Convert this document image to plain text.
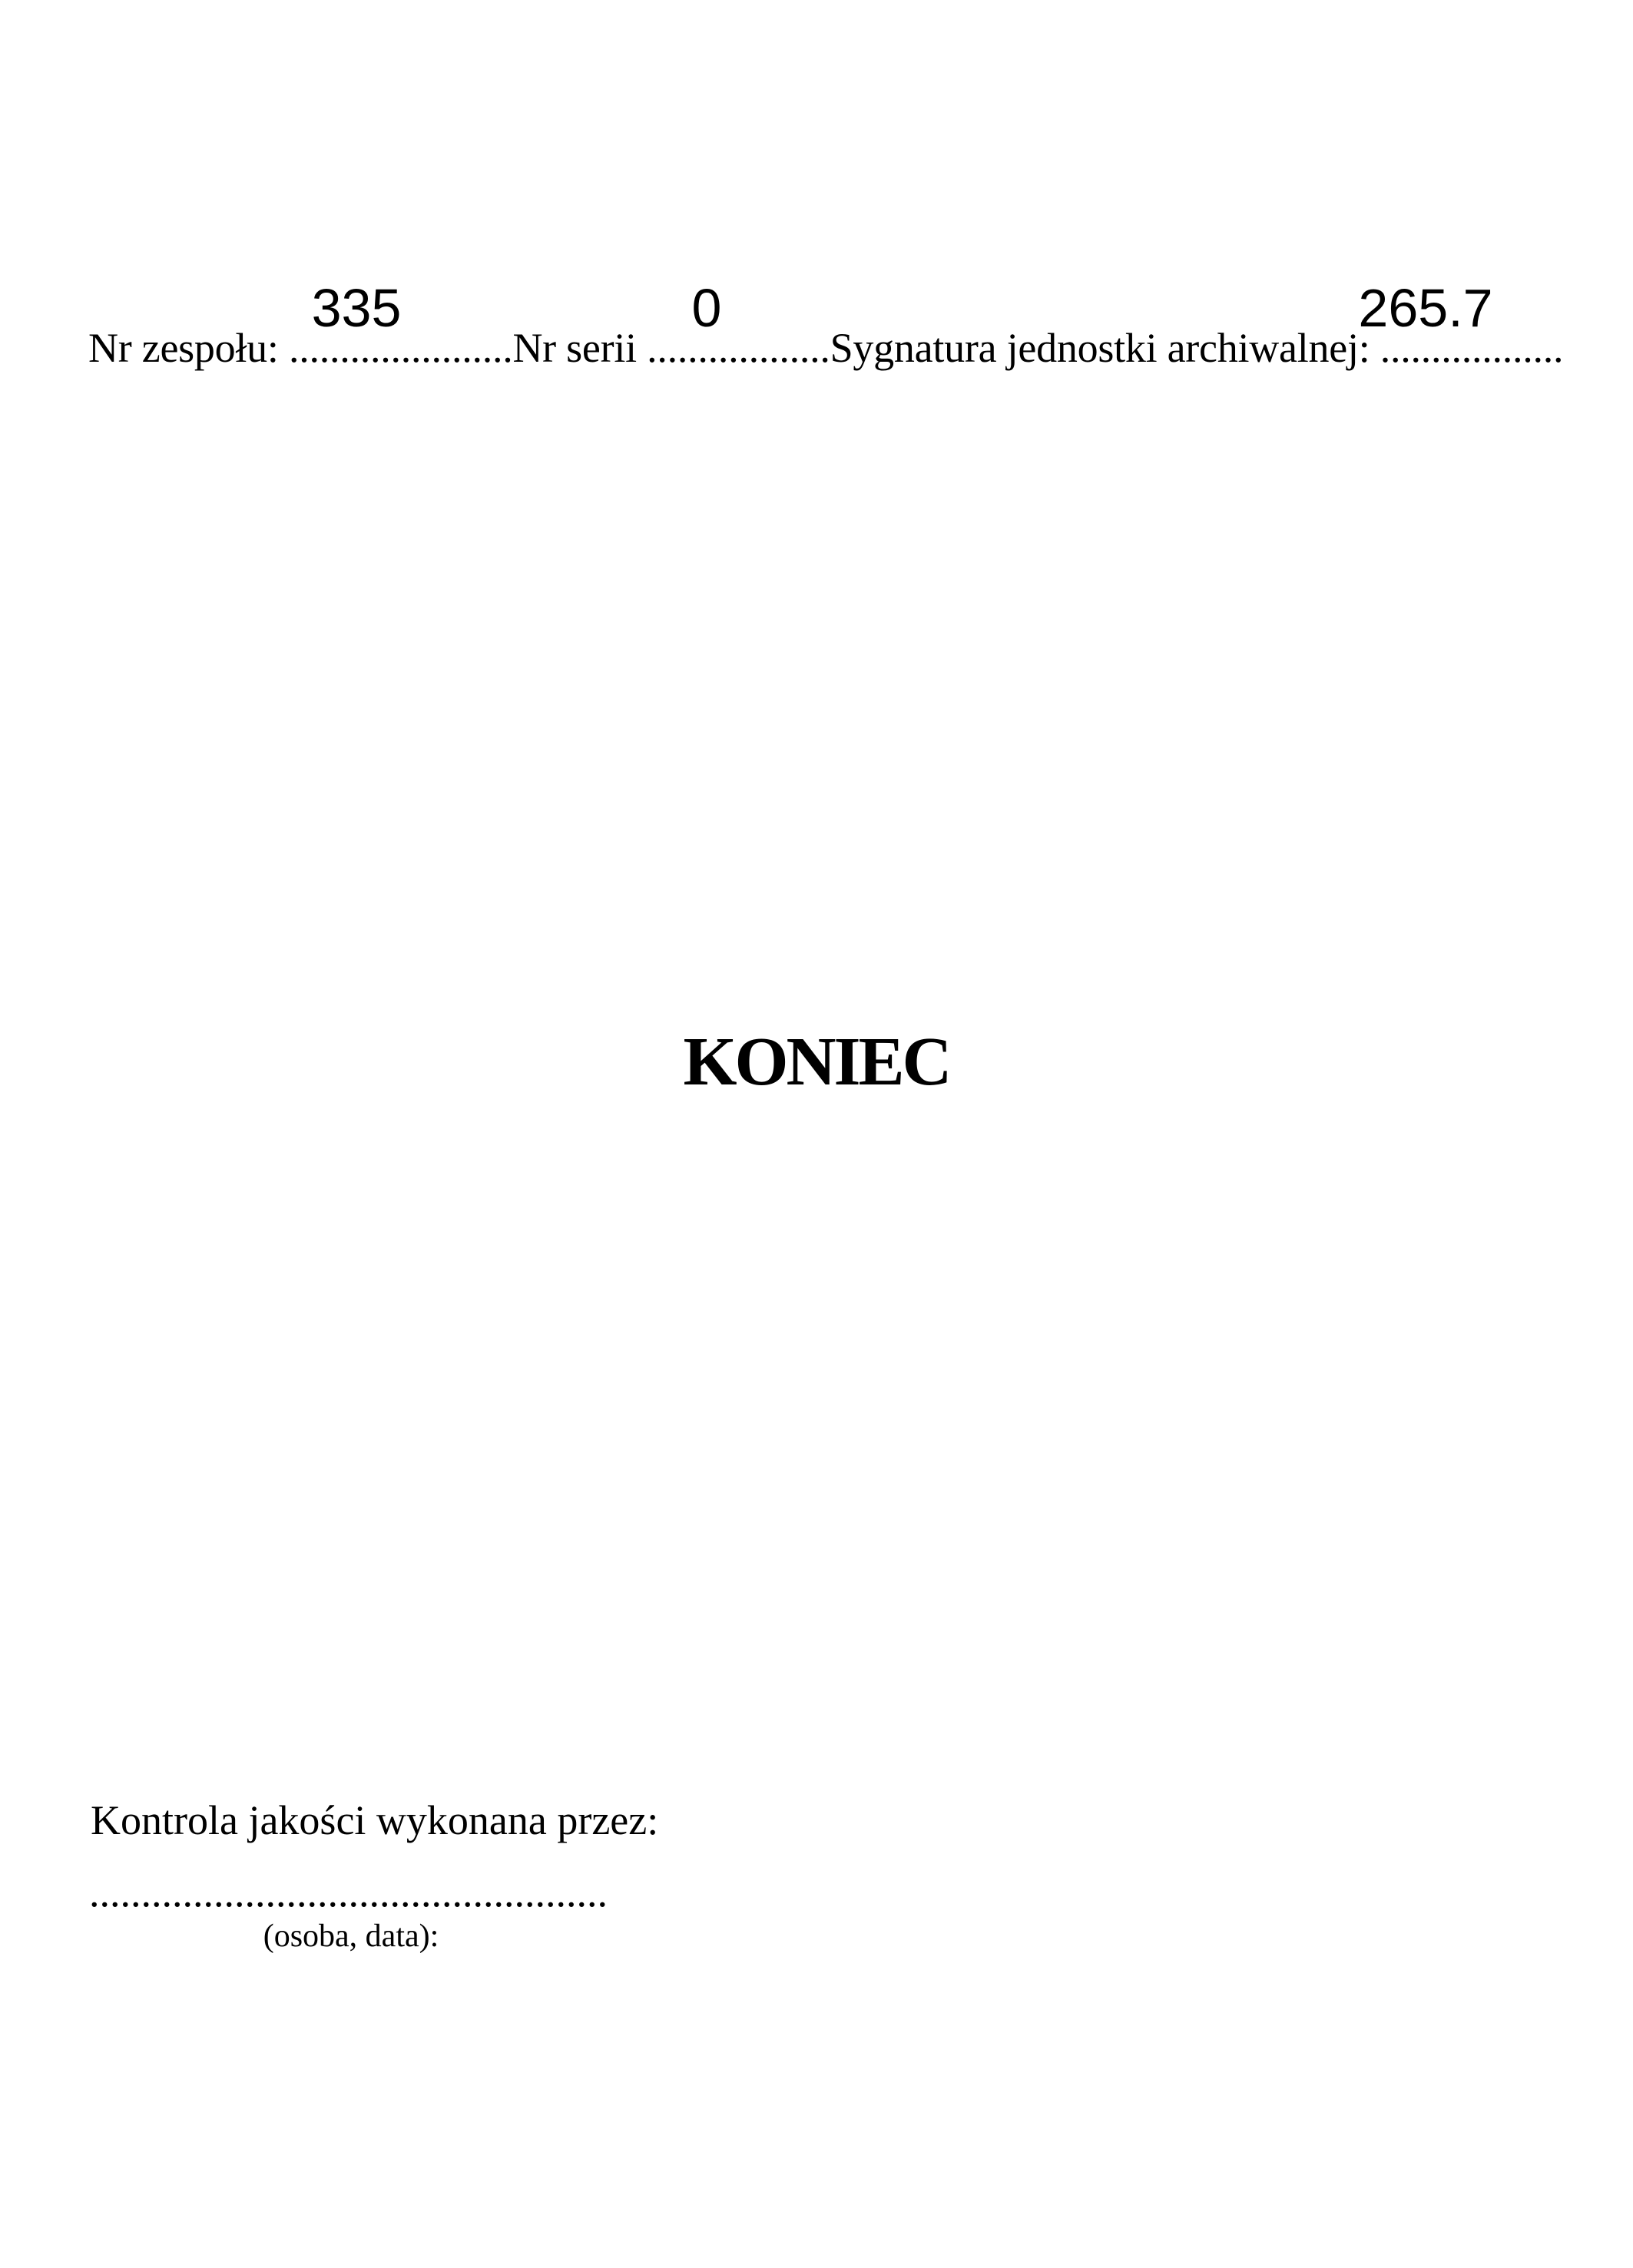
335	0	265.7
Nr zespołu: ......................Nr serii ..................Sygnatura jednostki archiwalnej: ..................
KONIEC
Kontrola jakości wykonana przez:
..................................................
(osoba, data):
